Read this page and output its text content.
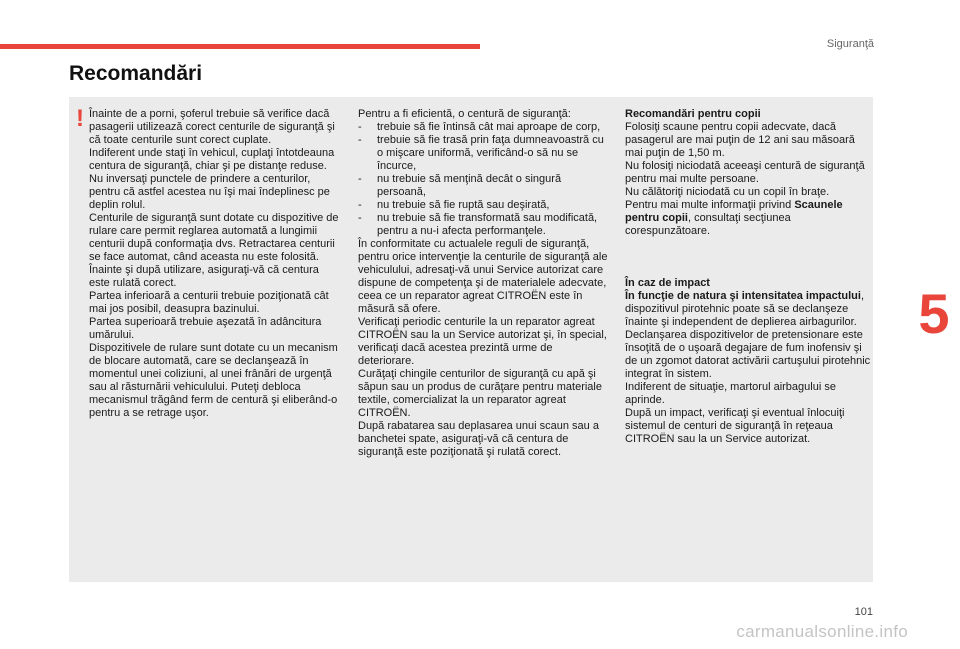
Siguranţă
Recomandări
! Înainte de a porni, şoferul trebuie să verifice dacă pasagerii utilizează corect centurile de siguranţă şi că toate centurile sunt corect cuplate.

Indiferent unde staţi în vehicul, cuplaţi întotdeauna centura de siguranţă, chiar şi pe distanţe reduse.

Nu inversaţi punctele de prindere a centurilor, pentru că astfel acestea nu îşi mai îndeplinesc pe deplin rolul.

Centurile de siguranţă sunt dotate cu dispozitive de rulare care permit reglarea automată a lungimii centurii după conformaţia dvs. Retractarea centurii se face automat, când aceasta nu este folosită.

Înainte şi după utilizare, asiguraţi-vă că centura este rulată corect.

Partea inferioară a centurii trebuie poziţionată cât mai jos posibil, deasupra bazinului.

Partea superioară trebuie aşezată în adâncitura umărului.

Dispozitivele de rulare sunt dotate cu un mecanism de blocare automată, care se declanşează în momentul unei coliziuni, al unei frânări de urgenţă sau al răsturnării vehiculului. Puteţi debloca mecanismul trăgând ferm de centură şi eliberând-o pentru a se retrage uşor.

Pentru a fi eficientă, o centură de siguranţă:

- trebuie să fie întinsă cât mai aproape de corp,
- trebuie să fie trasă prin faţa dumneavoastră cu o mişcare uniformă, verificând-o să nu se încurce,
- nu trebuie să menţină decât o singură persoană,
- nu trebuie să fie ruptă sau deşirată,
- nu trebuie să fie transformată sau modificată, pentru a nu-i afecta performanţele.

În conformitate cu actualele reguli de siguranţă, pentru orice intervenţie la centurile de siguranţă ale vehiculului, adresaţi-vă unui Service autorizat care dispune de competenţa şi de materialele adecvate, ceea ce un reparator agreat CITROËN este în măsură să ofere.

Verificaţi periodic centurile la un reparator agreat CITROËN sau la un Service autorizat şi, în special, verificaţi dacă acestea prezintă urme de deteriorare.

Curăţaţi chingile centurilor de siguranţă cu apă şi săpun sau un produs de curăţare pentru materiale textile, comercializat la un reparator agreat CITROËN.

După rabatarea sau deplasarea unui scaun sau a banchetei spate, asiguraţi-vă că centura de siguranţă este poziţionată şi rulată corect.

Recomandări pentru copii

Folosiţi scaune pentru copii adecvate, dacă pasagerul are mai puţin de 12 ani sau măsoară mai puţin de 1,50 m.

Nu folosiţi niciodată aceeaşi centură de siguranţă pentru mai multe persoane.

Nu călătoriţi niciodată cu un copil în braţe.

Pentru mai multe informaţii privind Scaunele pentru copii, consultaţi secţiunea corespunzătoare.

În caz de impact

În funcţie de natura şi intensitatea impactului, dispozitivul pirotehnic poate să se declanşeze înainte şi independent de deplierea airbagurilor. Declanşarea dispozitivelor de pretensionare este însoţită de o uşoară degajare de fum inofensiv şi de un zgomot datorat activării cartuşului pirotehnic integrat în sistem.

Indiferent de situaţie, martorul airbagului se aprinde.

După un impact, verificaţi şi eventual înlocuiţi sistemul de centuri de siguranţă în reţeaua CITROËN sau la un Service autorizat.

5
101
carmanualsonline.info
